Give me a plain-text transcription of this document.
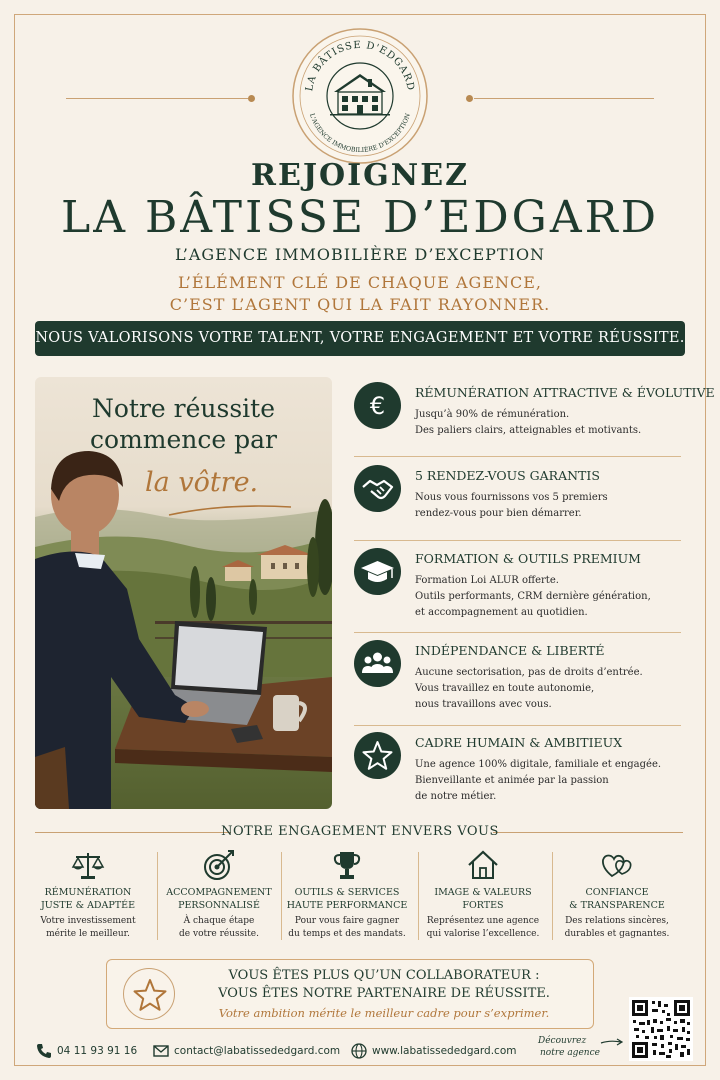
LA BÂTISSE D'EDGARD
L'AGENCE IMMOBILIÈRE D'EXCEPTION
REJOIGNEZ
LA BÂTISSE D’EDGARD
L’AGENCE IMMOBILIÈRE D’EXCEPTION
L’ÉLÉMENT CLÉ DE CHAQUE AGENCE,
C’EST L’AGENT QUI LA FAIT RAYONNER.
NOUS VALORISONS VOTRE TALENT, VOTRE ENGAGEMENT ET VOTRE RÉUSSITE.
Notre réussite
commence par
la vôtre.
€ RÉMUNÉRATION ATTRACTIVE & ÉVOLUTIVE
Jusqu’à 90% de rémunération.
Des paliers clairs, atteignables et motivants.
5 RENDEZ-VOUS GARANTIS
Nous vous fournissons vos 5 premiers
rendez-vous pour bien démarrer.
FORMATION & OUTILS PREMIUM
Formation Loi ALUR offerte.
Outils performants, CRM dernière génération,
et accompagnement au quotidien.
INDÉPENDANCE & LIBERTÉ
Aucune sectorisation, pas de droits d’entrée.
Vous travaillez en toute autonomie,
nous travaillons avec vous.
CADRE HUMAIN & AMBITIEUX
Une agence 100% digitale, familiale et engagée.
Bienveillante et animée par la passion
de notre métier.
NOTRE ENGAGEMENT ENVERS VOUS
RÉMUNÉRATION
JUSTE & ADAPTÉE
Votre investissement
mérite le meilleur.
ACCOMPAGNEMENT
PERSONNALISÉ
À chaque étape
de votre réussite.
OUTILS & SERVICES
HAUTE PERFORMANCE
Pour vous faire gagner
du temps et des mandats.
IMAGE & VALEURS
FORTES
Représentez une agence
qui valorise l’excellence.
CONFIANCE
& TRANSPARENCE
Des relations sincères,
durables et gagnantes.
VOUS ÊTES PLUS QU’UN COLLABORATEUR :
VOUS ÊTES NOTRE PARTENAIRE DE RÉUSSITE.
Votre ambition mérite le meilleur cadre pour s’exprimer.
04 11 93 91 16	contact@labatissededgard.com	www.labatissededgard.com
Découvrez
notre agence
